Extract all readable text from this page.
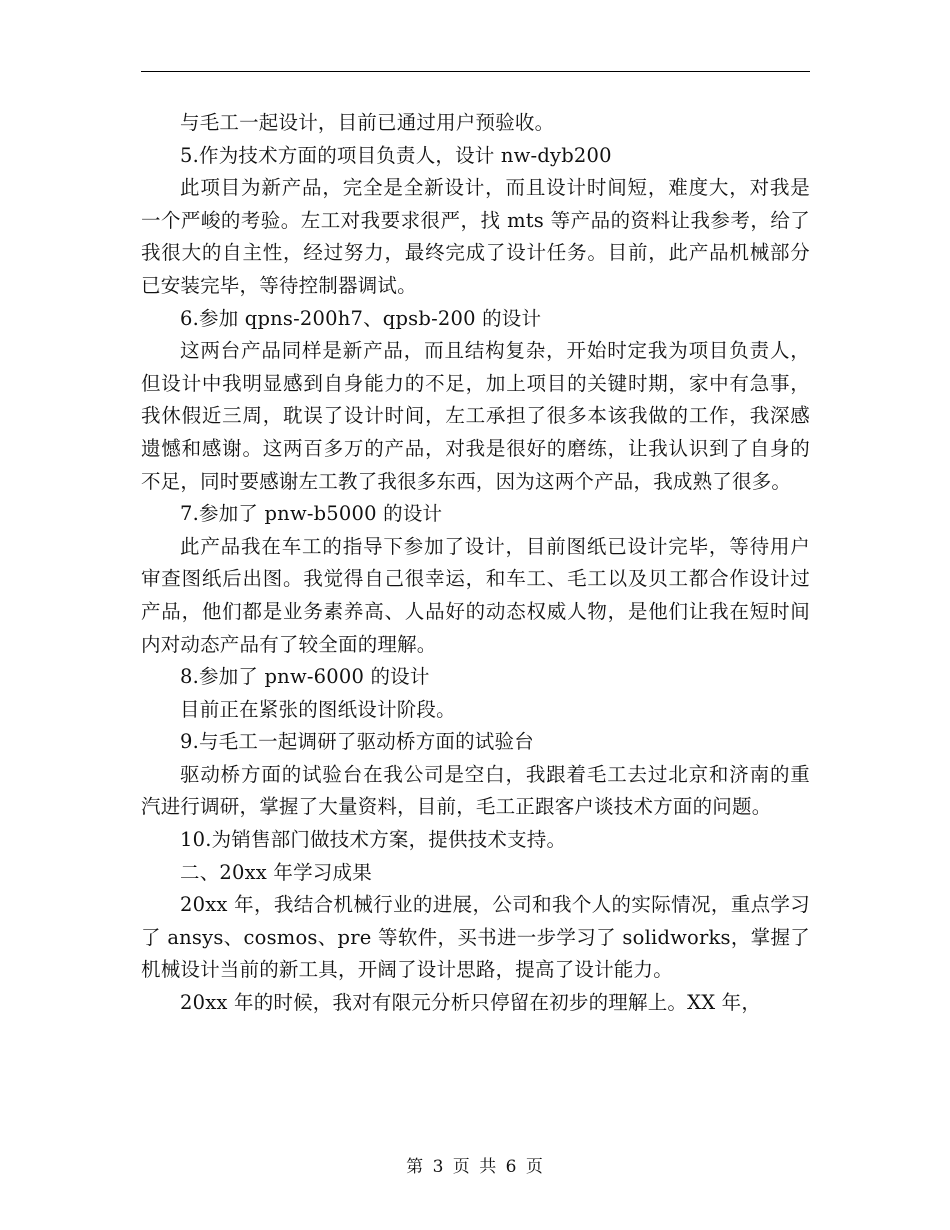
与毛工一起设计，目前已通过用户预验收。

5.作为技术方面的项目负责人，设计 nw-dyb200

此项目为新产品，完全是全新设计，而且设计时间短，难度大，对我是一个严峻的考验。左工对我要求很严，找 mts 等产品的资料让我参考，给了我很大的自主性，经过努力，最终完成了设计任务。目前，此产品机械部分已安装完毕，等待控制器调试。

6.参加 qpns-200h7、qpsb-200 的设计

这两台产品同样是新产品，而且结构复杂，开始时定我为项目负责人，但设计中我明显感到自身能力的不足，加上项目的关键时期，家中有急事，我休假近三周，耽误了设计时间，左工承担了很多本该我做的工作，我深感遗憾和感谢。这两百多万的产品，对我是很好的磨练，让我认识到了自身的不足，同时要感谢左工教了我很多东西，因为这两个产品，我成熟了很多。

7.参加了 pnw-b5000 的设计

此产品我在车工的指导下参加了设计，目前图纸已设计完毕，等待用户审查图纸后出图。我觉得自己很幸运，和车工、毛工以及贝工都合作设计过产品，他们都是业务素养高、人品好的动态权威人物，是他们让我在短时间内对动态产品有了较全面的理解。

8.参加了 pnw-6000 的设计

目前正在紧张的图纸设计阶段。

9.与毛工一起调研了驱动桥方面的试验台

驱动桥方面的试验台在我公司是空白，我跟着毛工去过北京和济南的重汽进行调研，掌握了大量资料，目前，毛工正跟客户谈技术方面的问题。

10.为销售部门做技术方案，提供技术支持。

二、20xx 年学习成果

20xx 年，我结合机械行业的进展，公司和我个人的实际情况，重点学习了 ansys、cosmos、pre 等软件，买书进一步学习了 solidworks，掌握了机械设计当前的新工具，开阔了设计思路，提高了设计能力。

20xx 年的时候，我对有限元分析只停留在初步的理解上。XX 年，

第 3 页 共 6 页
